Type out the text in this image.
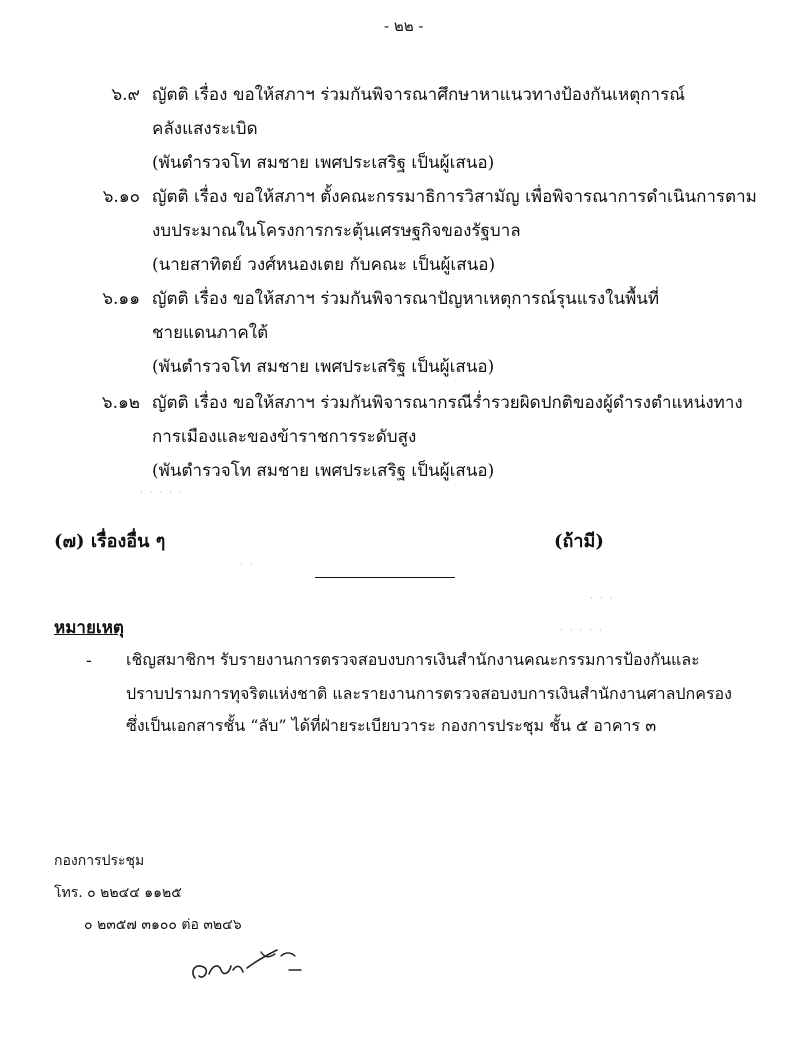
- ๒๒ -
๖.๙ ญัตติ เรื่อง ขอให้สภาฯ ร่วมกันพิจารณาศึกษาหาแนวทางป้องกันเหตุการณ์
คลังแสงระเบิด
(พันตำรวจโท สมชาย เพศประเสริฐ เป็นผู้เสนอ)
๖.๑๐ ญัตติ เรื่อง ขอให้สภาฯ ตั้งคณะกรรมาธิการวิสามัญ เพื่อพิจารณาการดำเนินการตาม
งบประมาณในโครงการกระตุ้นเศรษฐกิจของรัฐบาล
(นายสาทิตย์ วงศ์หนองเตย กับคณะ เป็นผู้เสนอ)
๖.๑๑ ญัตติ เรื่อง ขอให้สภาฯ ร่วมกันพิจารณาปัญหาเหตุการณ์รุนแรงในพื้นที่
ชายแดนภาคใต้
(พันตำรวจโท สมชาย เพศประเสริฐ เป็นผู้เสนอ)
๖.๑๒ ญัตติ เรื่อง ขอให้สภาฯ ร่วมกันพิจารณากรณีร่ำรวยผิดปกติของผู้ดำรงตำแหน่งทาง
การเมืองและของข้าราชการระดับสูง
(พันตำรวจโท สมชาย เพศประเสริฐ เป็นผู้เสนอ)
(๗) เรื่องอื่น ๆ	(ถ้ามี)
หมายเหตุ
- เชิญสมาชิกฯ รับรายงานการตรวจสอบงบการเงินสำนักงานคณะกรรมการป้องกันและ
ปราบปรามการทุจริตแห่งชาติ และรายงานการตรวจสอบงบการเงินสำนักงานศาลปกครอง
ซึ่งเป็นเอกสารชั้น “ลับ” ได้ที่ฝ่ายระเบียบวาระ กองการประชุม ชั้น ๕ อาคาร ๓
กองการประชุม
โทร. ๐ ๒๒๔๔ ๑๑๒๕
๐ ๒๓๕๗ ๓๑๐๐ ต่อ ๓๒๔๖
· · · · ·
· ·
· · ·
· · · · ·
